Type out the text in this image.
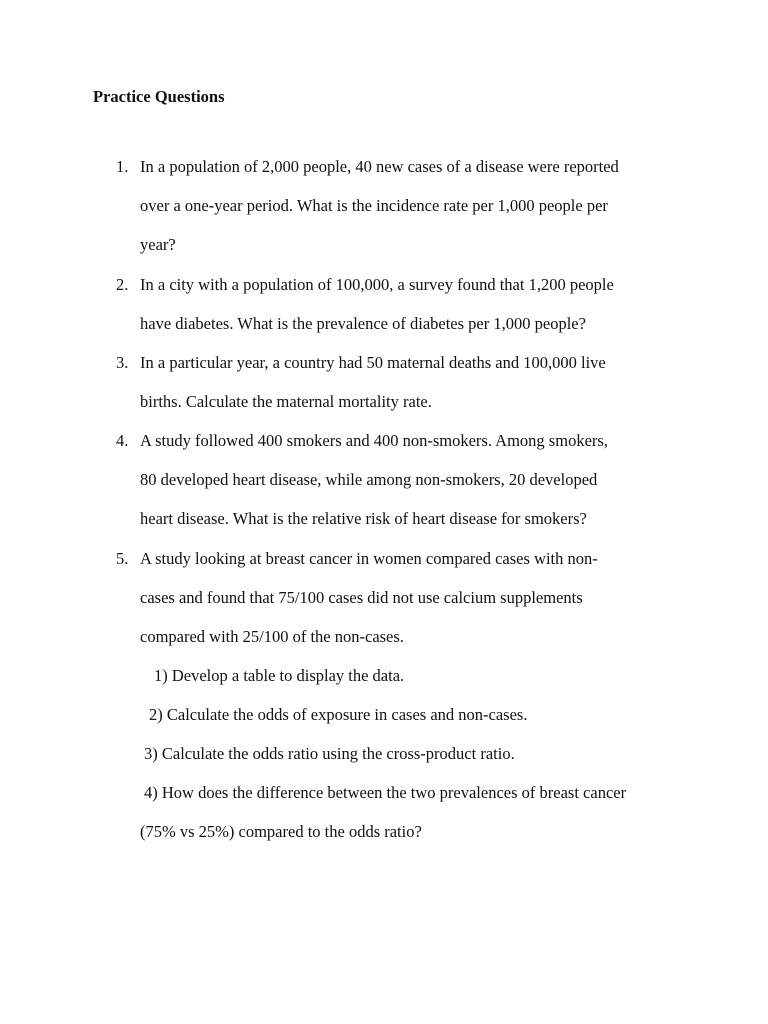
Practice Questions
1. In a population of 2,000 people, 40 new cases of a disease were reported
over a one-year period. What is the incidence rate per 1,000 people per
year?
2. In a city with a population of 100,000, a survey found that 1,200 people
have diabetes. What is the prevalence of diabetes per 1,000 people?
3. In a particular year, a country had 50 maternal deaths and 100,000 live
births. Calculate the maternal mortality rate.
4. A study followed 400 smokers and 400 non-smokers. Among smokers,
80 developed heart disease, while among non-smokers, 20 developed
heart disease. What is the relative risk of heart disease for smokers?
5. A study looking at breast cancer in women compared cases with non-
cases and found that 75/100 cases did not use calcium supplements
compared with 25/100 of the non-cases.
1) Develop a table to display the data.
2) Calculate the odds of exposure in cases and non-cases.
3) Calculate the odds ratio using the cross-product ratio.
4) How does the difference between the two prevalences of breast cancer
(75% vs 25%) compared to the odds ratio?
